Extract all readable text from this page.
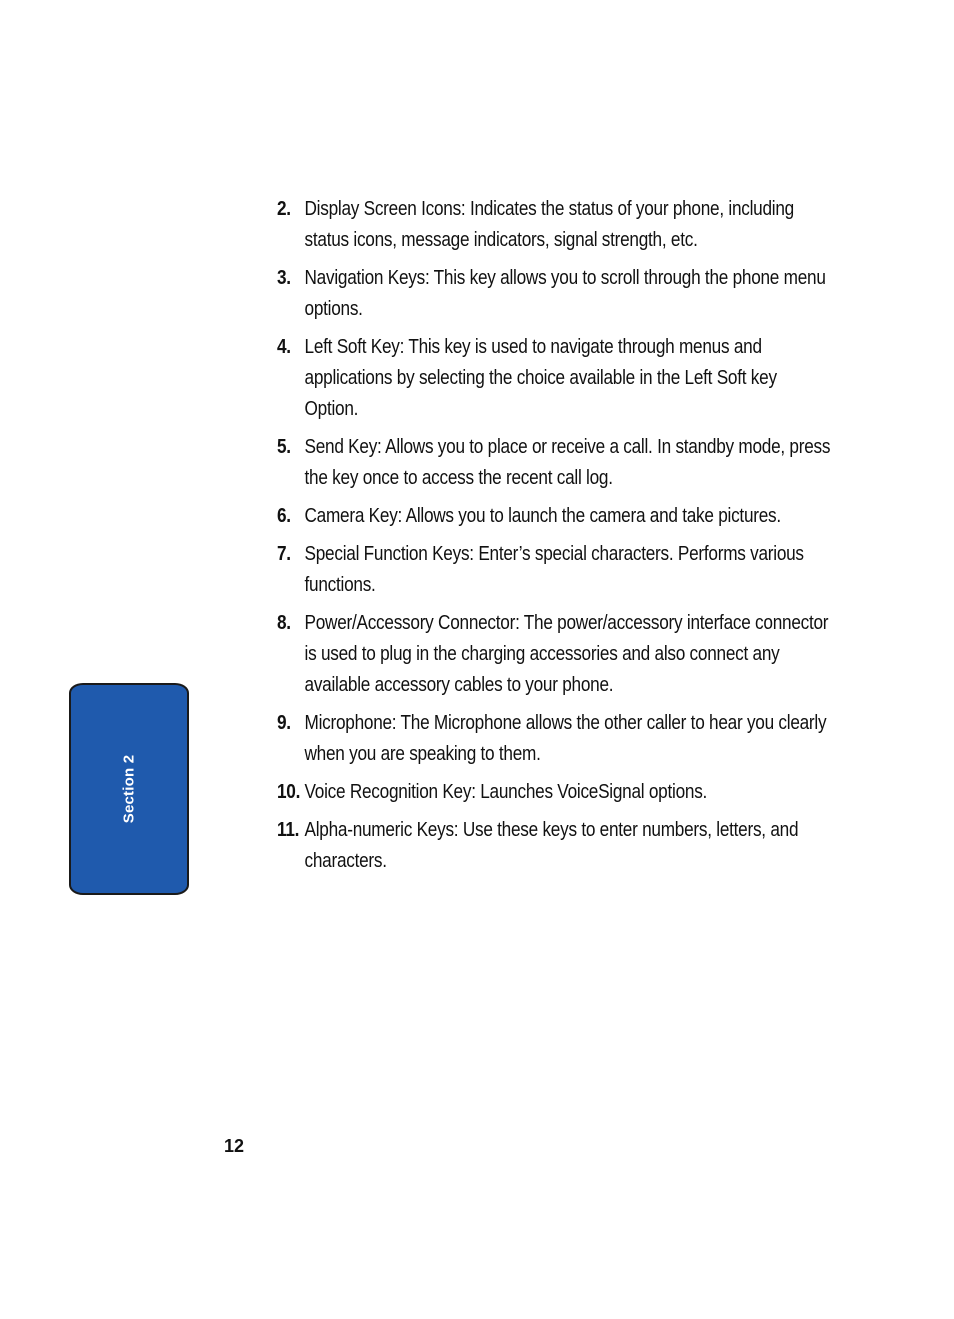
2. Display Screen Icons: Indicates the status of your phone, including status icons, message indicators, signal strength, etc.
3. Navigation Keys: This key allows you to scroll through the phone menu options.
4. Left Soft Key: This key is used to navigate through menus and applications by selecting the choice available in the Left Soft key Option.
5. Send Key: Allows you to place or receive a call. In standby mode, press the key once to access the recent call log.
6. Camera Key: Allows you to launch the camera and take pictures.
7. Special Function Keys: Enter’s special characters. Performs various functions.
8. Power/Accessory Connector: The power/accessory interface connector is used to plug in the charging accessories and also connect any available accessory cables to your phone.
9. Microphone: The Microphone allows the other caller to hear you clearly when you are speaking to them.
10. Voice Recognition Key: Launches VoiceSignal options.
11. Alpha-numeric Keys: Use these keys to enter numbers, letters, and characters.
Section 2
12
